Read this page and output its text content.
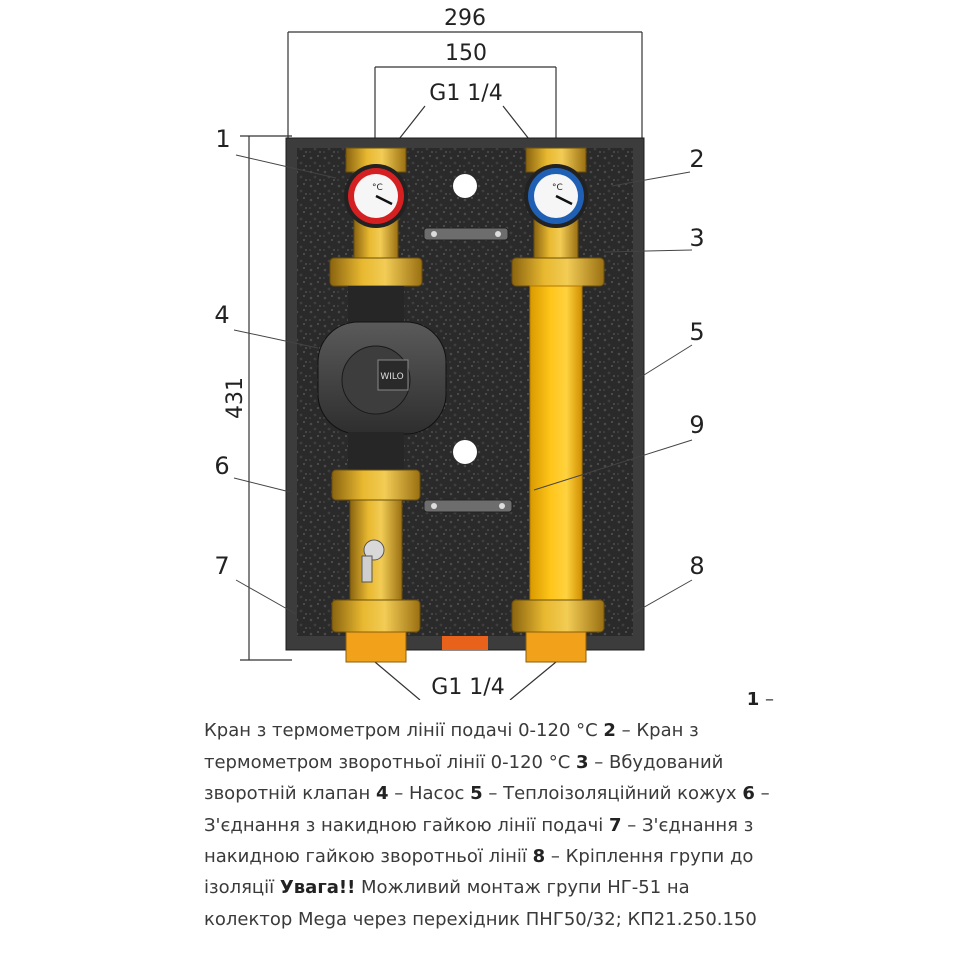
296
150
G1 1/4
431
G1 1/4
°C
WILO
°C
1
2
3
4
5
9
6
7	8
1 –
Кран з термометром лінії подачі 0-120 °C 2 – Кран з термометром зворотньої лінії 0-120 °C 3 – Вбудований зворотній клапан 4 – Насос 5 – Теплоізоляційний кожух 6 – З'єднання з накидною гайкою лінії подачі 7 – З'єднання з накидною гайкою зворотньої лінії 8 – Кріплення групи до ізоляції Увага!! Можливий монтаж групи НГ-51 на колектор Mega через перехідник ПНГ50/32; КП21.250.150
